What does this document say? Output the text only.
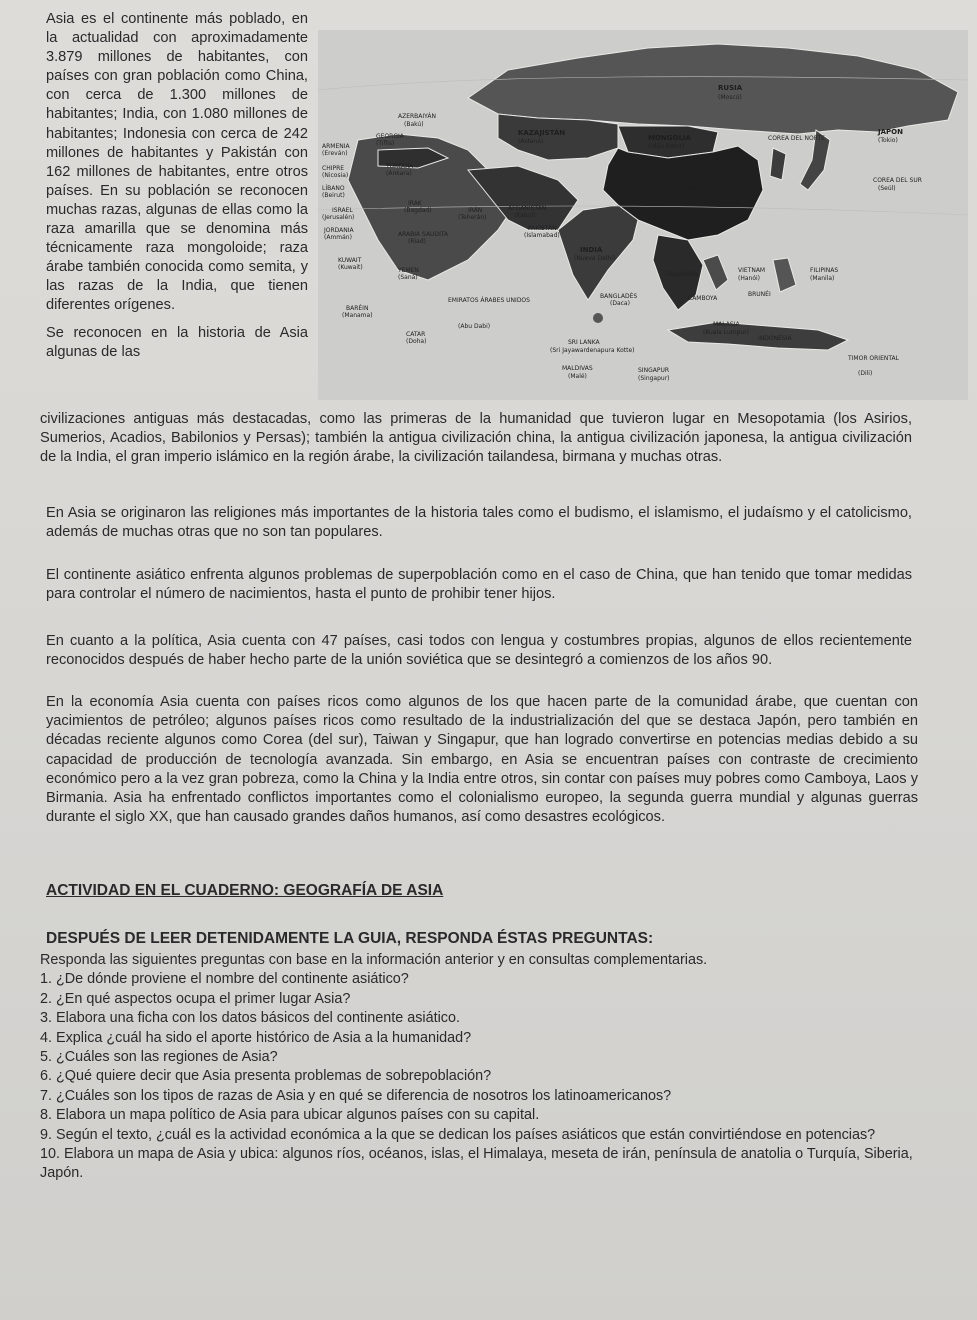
Asia es el continente más poblado, en la actualidad con aproximadamente 3.879 millones de habitantes, con países con gran población como China, con cerca de 1.300 millones de habitantes; India, con 1.080 millones de habitantes; Indonesia con cerca de 242 millones de habitantes y Pakistán con 162 millones de habitantes, entre otros países. En su población se reconocen muchas razas, algunas de ellas como la raza amarilla que se denomina más técnicamente raza mongoloide; raza árabe también conocida como semita, y las razas de la India, que tienen diferentes orígenes.

Se reconocen en la historia de Asia algunas de las

RUSIA
(Moscú)
JAPÓN
(Tokio)
MONGOLIA
(Ulán Bator)
KAZAJISTÁN
(Astaná)
CHINA
(Pekín)
COREA DEL NORTE
COREA DEL SUR
(Seúl)
AZERBAIYÁN
(Bakú)
GEORGIA
(Tiflis)
ARMENIA
(Ereván)
CHIPRE
(Nicosia)
TURQUÍA
(Ankara)
LÍBANO
(Beirut)
ISRAEL
(Jerusalén)
IRAK
(Bagdad)	IRÁN
(Teherán)
AFGANISTÁN
(Kabul)
PAKISTÁN
(Islamabad)
JORDANIA
(Ammán)	ARABIA SAUDITA
(Riad)
KUWAIT
(Kuwait)	YEMEN
(Saná)
BARÉIN
(Manama)
CATAR
(Doha)
EMIRATOS ÁRABES UNIDOS
(Abu Dabi)
INDIA
(Nueva Delhi)
BANGLADÉS
(Daca)
VIETNAM
(Hanói)
FILIPINAS
(Manila)
BRUNÉI
CAMBOYA
MALASIA
(Kuala Lumpur)
SRI LANKA
(Sri Jayawardenapura Kotte)
MALDIVAS
(Malé)
SINGAPUR
(Singapur)
INDONESIA
TIMOR ORIENTAL
(Dili)
TAILANDIA

civilizaciones antiguas más destacadas, como las primeras de la humanidad que tuvieron lugar en Mesopotamia (los Asirios, Sumerios, Acadios, Babilonios y Persas); también la antigua civilización china, la antigua civilización japonesa, la antigua civilización de la India, el gran imperio islámico en la región árabe, la civilización tailandesa, birmana y muchas otras.

En Asia se originaron las religiones más importantes de la historia tales como el budismo, el islamismo, el judaísmo y el catolicismo, además de muchas otras que no son tan populares.

El continente asiático enfrenta algunos problemas de superpoblación como en el caso de China, que han tenido que tomar medidas para controlar el número de nacimientos, hasta el punto de prohibir tener hijos.

En cuanto a la política, Asia cuenta con 47 países, casi todos con lengua y costumbres propias, algunos de ellos recientemente reconocidos después de haber hecho parte de la unión soviética que se desintegró a comienzos de los años 90.

En la economía Asia cuenta con países ricos como algunos de los que hacen parte de la comunidad árabe, que cuentan con yacimientos de petróleo; algunos países ricos como resultado de la industrialización del que se destaca Japón, pero también en décadas reciente algunos como Corea (del sur), Taiwan y Singapur, que han logrado convertirse en potencias medias debido a su capacidad de producción de tecnología avanzada. Sin embargo, en Asia se encuentran países con contraste de crecimiento económico pero a la vez gran pobreza, como la China y la India entre otros, sin contar con países muy pobres como Camboya, Laos y Birmania. Asia ha enfrentado conflictos importantes como el colonialismo europeo, la segunda guerra mundial y algunas guerras durante el siglo XX, que han causado grandes daños humanos, así como desastres ecológicos.

ACTIVIDAD EN EL CUADERNO: GEOGRAFÍA DE ASIA
DESPUÉS DE LEER DETENIDAMENTE LA GUIA, RESPONDA ÉSTAS PREGUNTAS:

Responda las siguientes preguntas con base en la información anterior y en consultas complementarias.

1. ¿De dónde proviene el nombre del continente asiático?

2. ¿En qué aspectos ocupa el primer lugar Asia?

3. Elabora una ficha con los datos básicos del continente asiático.

4. Explica ¿cuál ha sido el aporte histórico de Asia a la humanidad?

5. ¿Cuáles son las regiones de Asia?

6. ¿Qué quiere decir que Asia presenta problemas de sobrepoblación?

7. ¿Cuáles son los tipos de razas de Asia y en qué se diferencia de nosotros los latinoamericanos?

8. Elabora un mapa político de Asia para ubicar algunos países con su capital.

9. Según el texto, ¿cuál es la actividad económica a la que se dedican los países asiáticos que están convirtiéndose en potencias?

10. Elabora un mapa de Asia y ubica: algunos ríos, océanos, islas, el Himalaya, meseta de irán, península de anatolia o Turquía, Siberia, Japón.
